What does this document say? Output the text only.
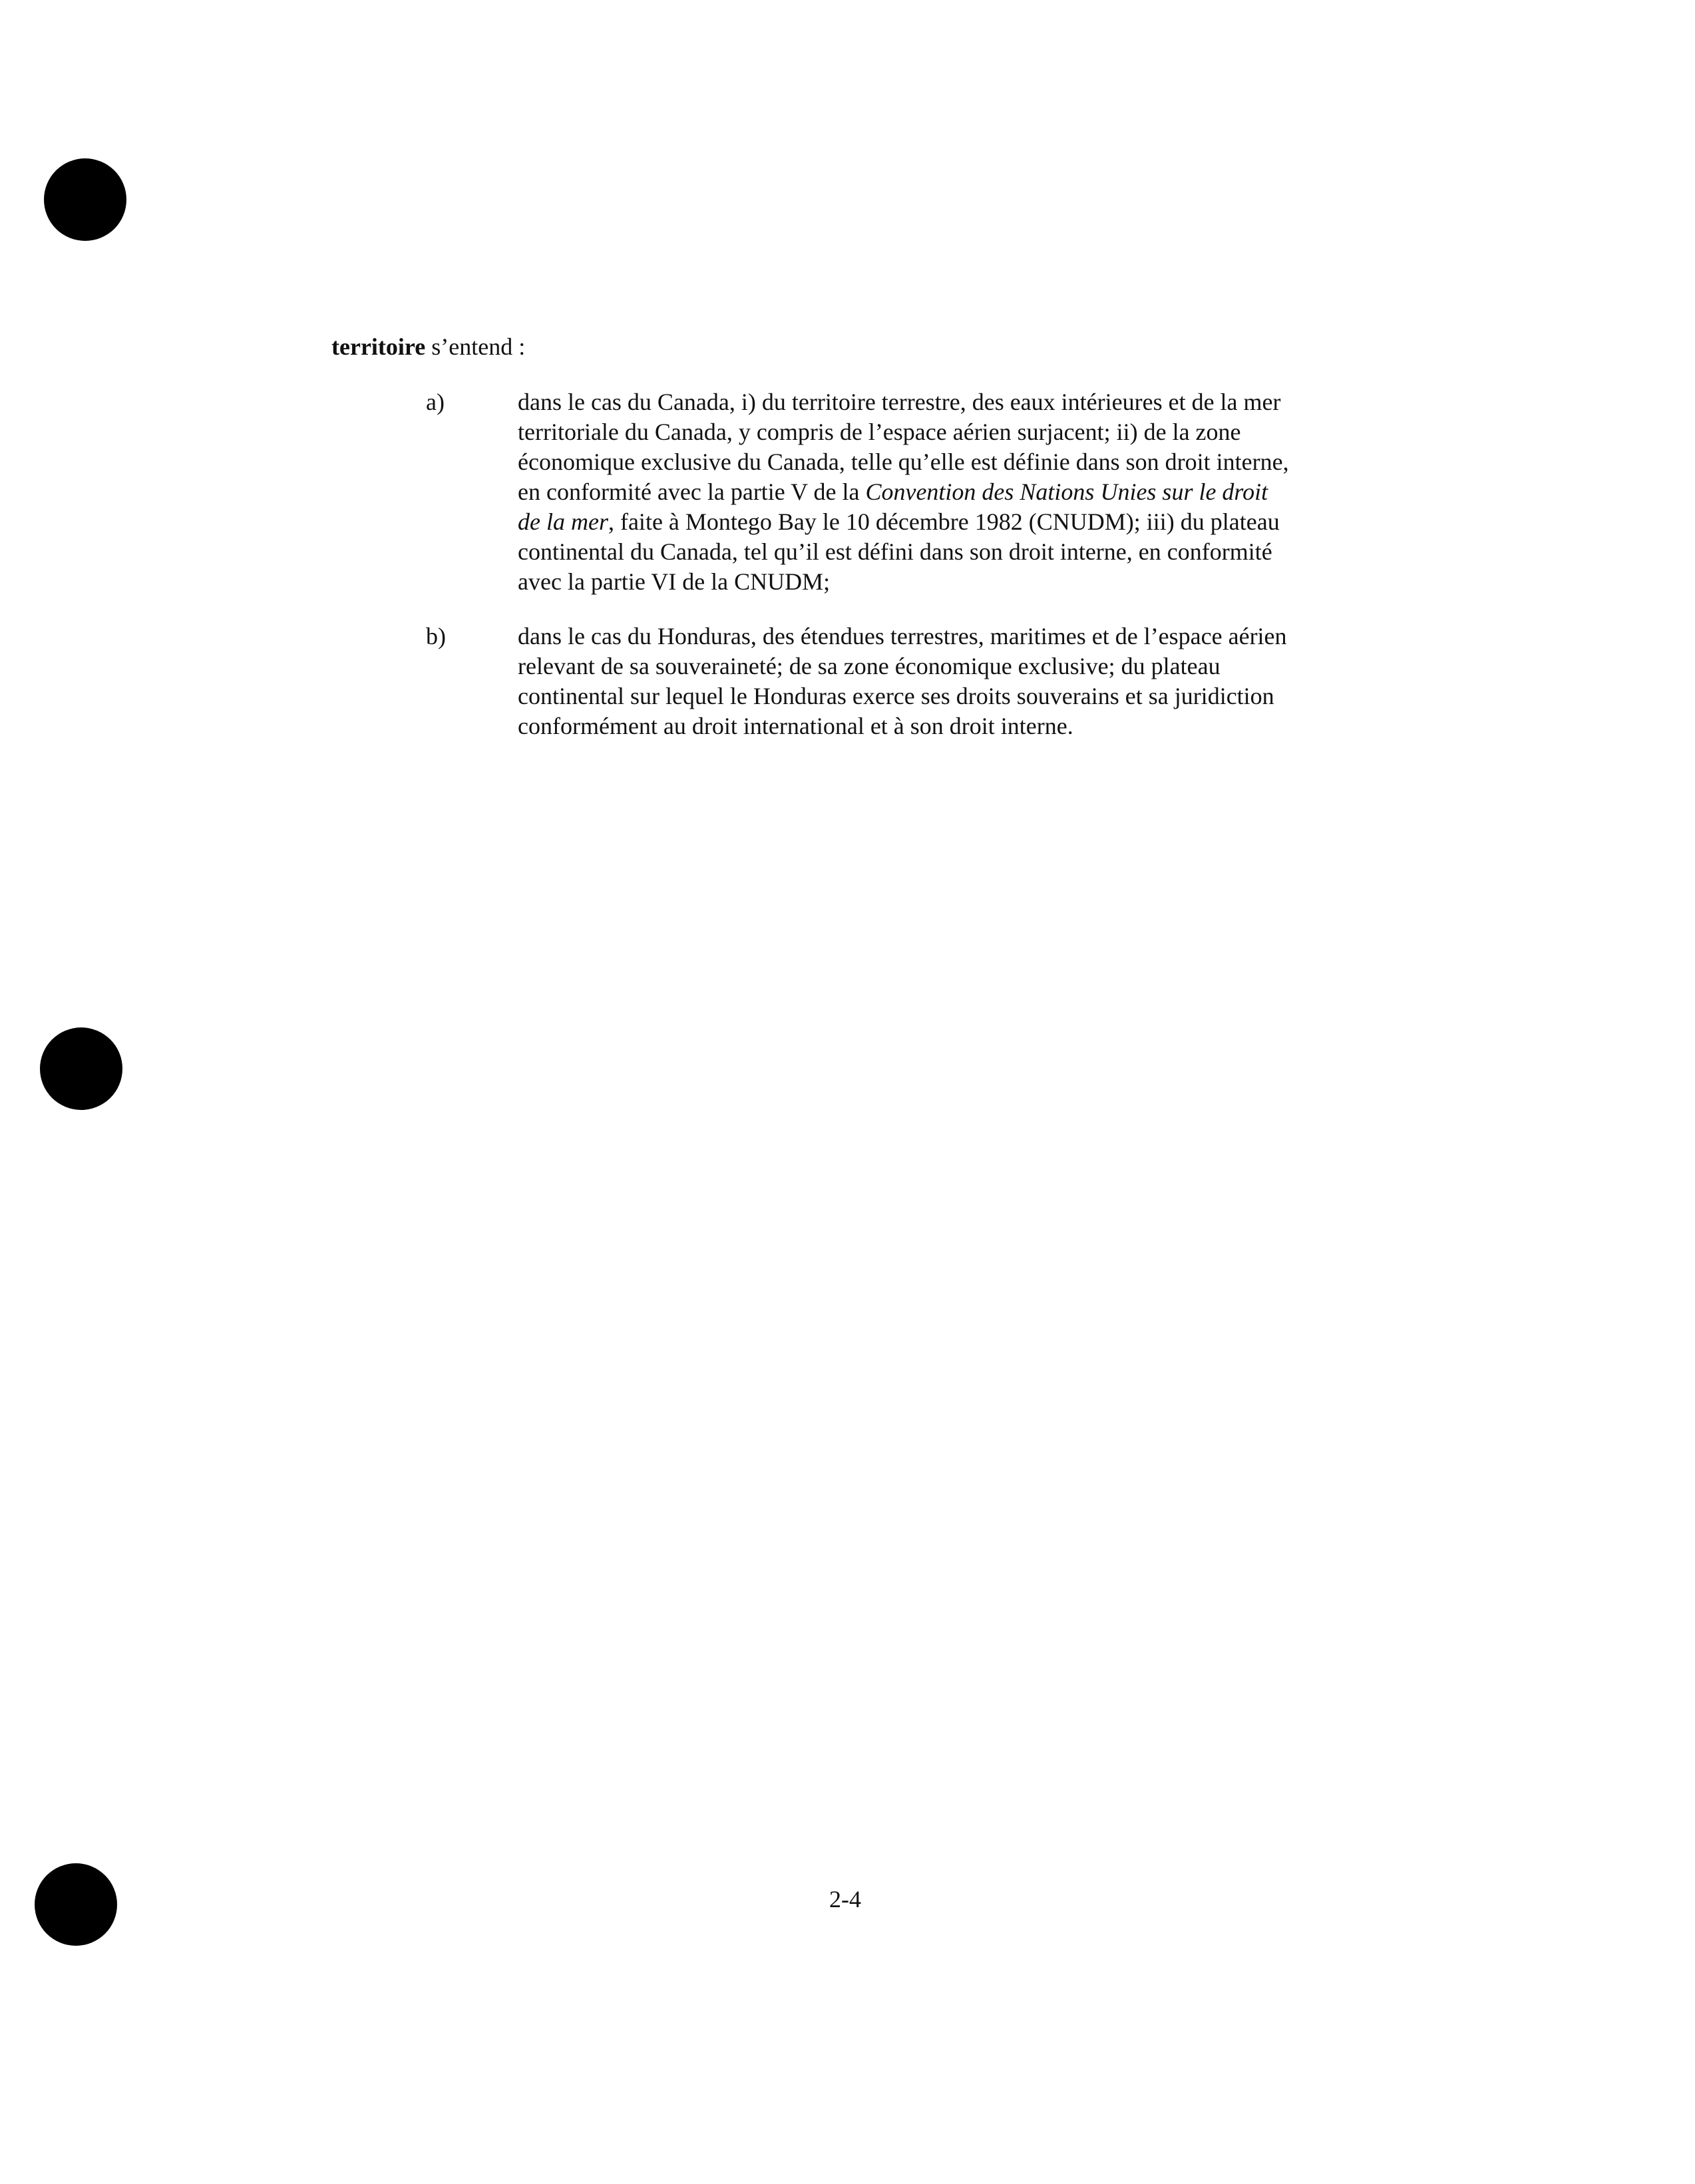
territoire s’entend :
a)	dans le cas du Canada, i) du territoire terrestre, des eaux intérieures et de la mer
territoriale du Canada, y compris de l’espace aérien surjacent; ii) de la zone
économique exclusive du Canada, telle qu’elle est définie dans son droit interne,
en conformité avec la partie V de la Convention des Nations Unies sur le droit
de la mer, faite à Montego Bay le 10 décembre 1982 (CNUDM); iii) du plateau
continental du Canada, tel qu’il est défini dans son droit interne, en conformité
avec la partie VI de la CNUDM;

b)	dans le cas du Honduras, des étendues terrestres, maritimes et de l’espace aérien
relevant de sa souveraineté; de sa zone économique exclusive; du plateau
continental sur lequel le Honduras exerce ses droits souverains et sa juridiction
conformément au droit international et à son droit interne.

2-4
